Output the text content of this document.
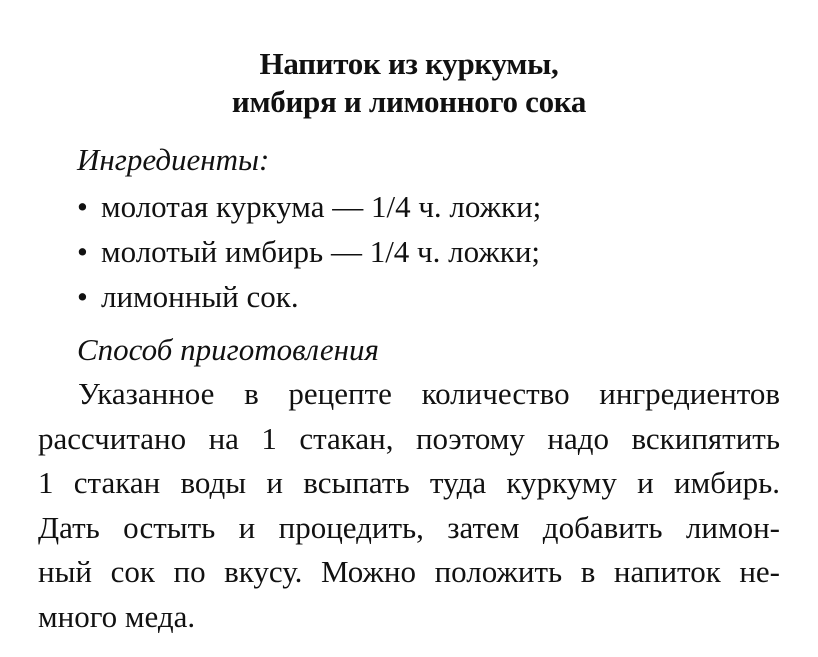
Напиток из куркумы,
имбиря и лимонного сока
Ингредиенты:
• молотая куркума — 1/4 ч. ложки;
• молотый имбирь — 1/4 ч. ложки;
• лимонный сок.
Способ приготовления
Указанное в рецепте количество ингредиентов
рассчитано на 1 стакан, поэтому надо вскипятить
1 стакан воды и всыпать туда куркуму и имбирь.
Дать остыть и процедить, затем добавить лимон-
ный сок по вкусу. Можно положить в напиток не-
много меда.
